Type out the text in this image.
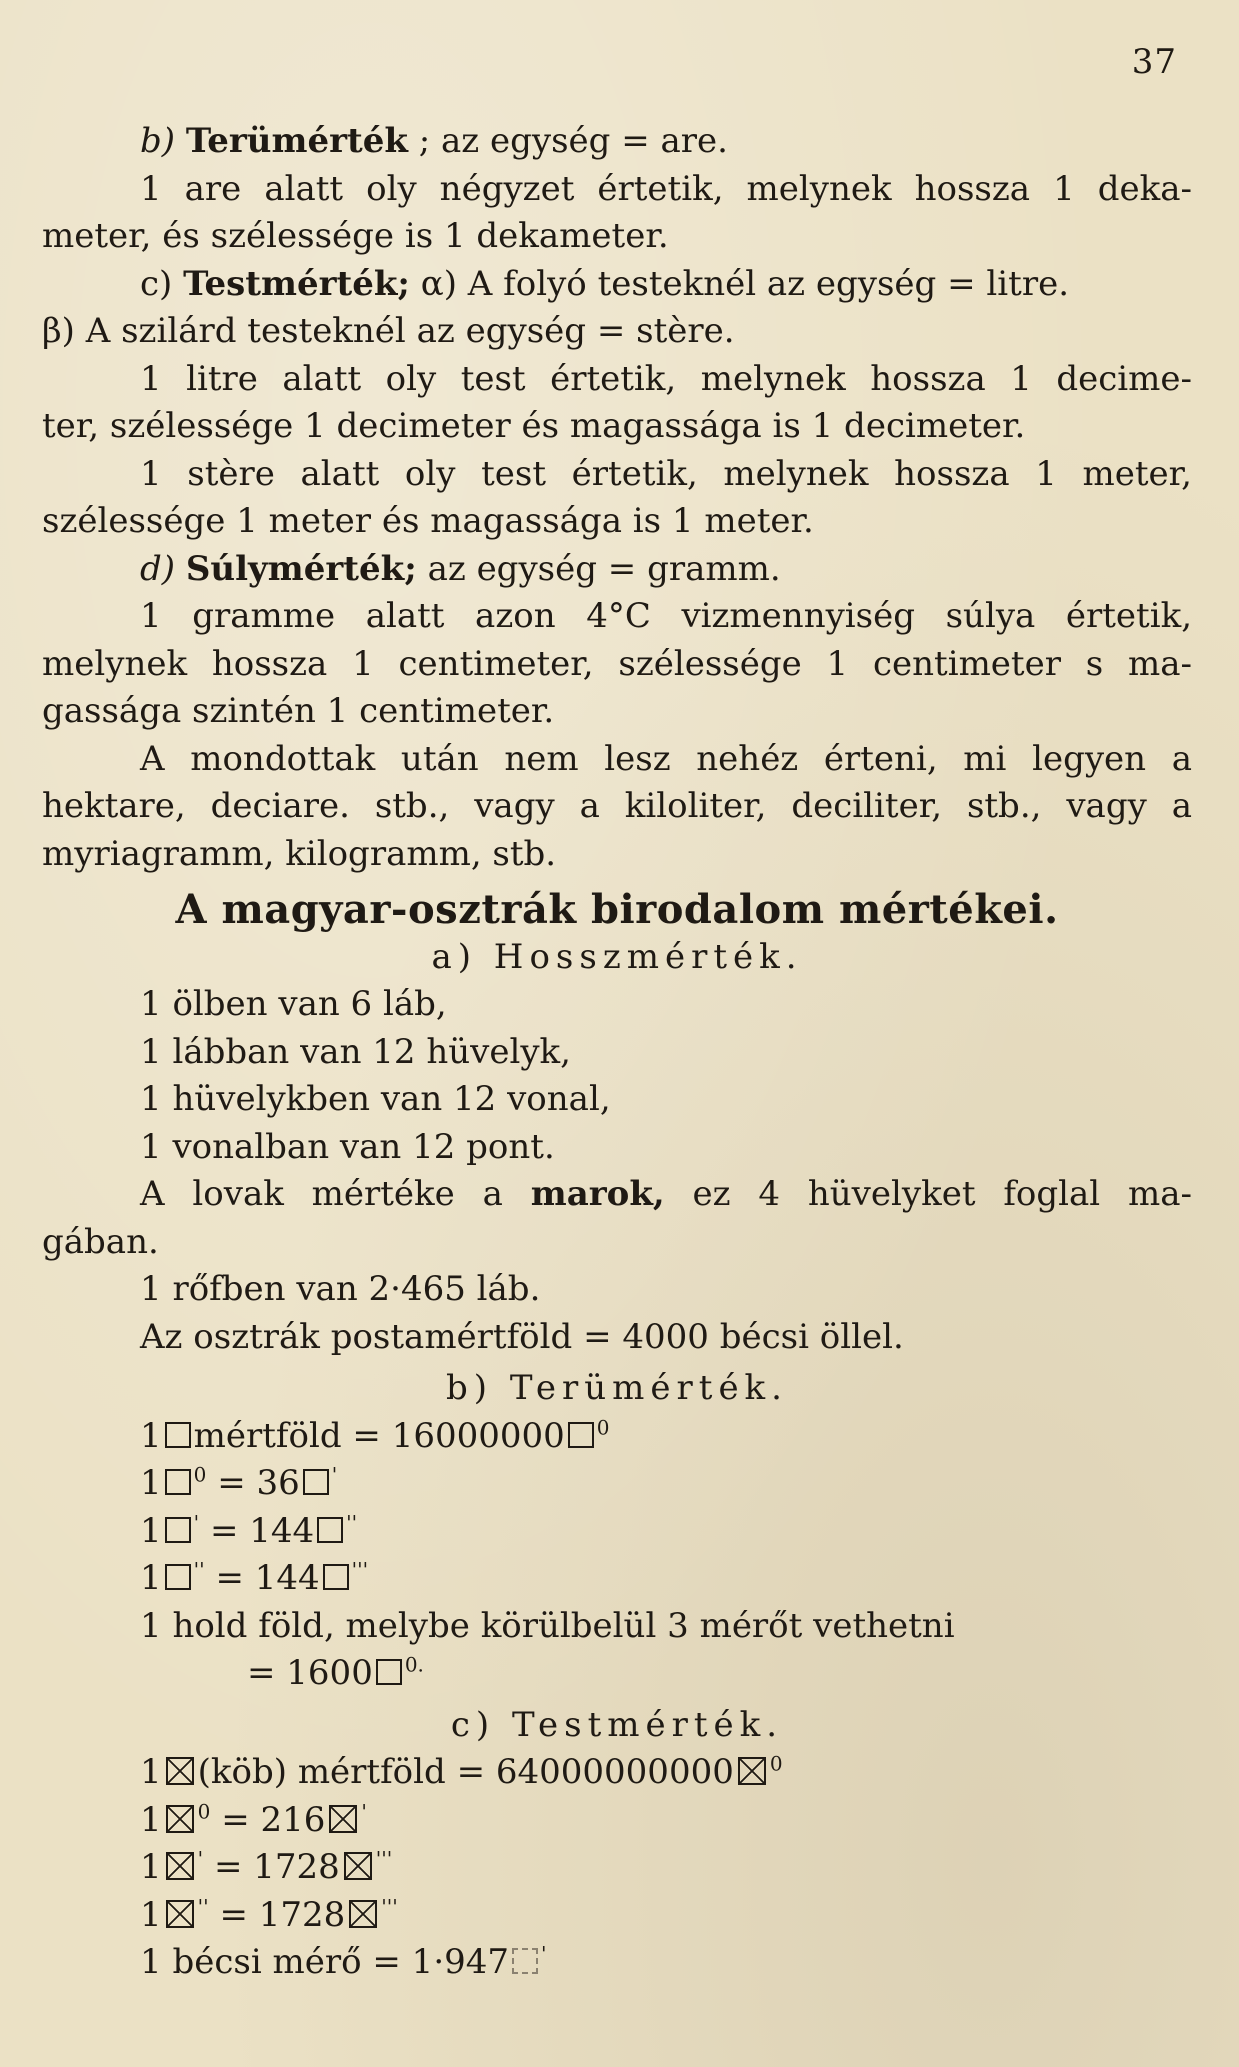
37
b) Terümérték ; az egység = are.
1 are alatt oly négyzet értetik, melynek hossza 1 deka-
meter, és szélessége is 1 dekameter.
c) Testmérték; α) A folyó testeknél az egység = litre.
β) A szilárd testeknél az egység = stère.
1 litre alatt oly test értetik, melynek hossza 1 decime-
ter, szélessége 1 decimeter és magassága is 1 decimeter.
1 stère alatt oly test értetik, melynek hossza 1 meter,
szélessége 1 meter és magassága is 1 meter.
d) Súlymérték; az egység = gramm.
1 gramme alatt azon 4°C vizmennyiség súlya értetik,
melynek hossza 1 centimeter, szélessége 1 centimeter s ma-
gassága szintén 1 centimeter.
A mondottak után nem lesz nehéz érteni, mi legyen a
hektare, deciare. stb., vagy a kiloliter, deciliter, stb., vagy a
myriagramm, kilogramm, stb.
A magyar-osztrák birodalom mértékei.
a) Hosszmérték.
1 ölben van 6 láb,
1 lábban van 12 hüvelyk,
1 hüvelykben van 12 vonal,
1 vonalban van 12 pont.
A lovak mértéke a marok, ez 4 hüvelyket foglal ma-
gában.
1 rőfben van 2·465 láb.
Az osztrák postamértföld = 4000 bécsi öllel.
b) Terümérték.
1 mértföld = 16000000 $^0$
1 $^0$ = 36 '
1 ' = 144 ''
1 '' = 144 '''
1 hold föld, melybe körülbelül 3 mérőt vethetni
= 1600 $^{0.}$
c) Testmérték.
1 (köb) mértföld = 64000000000 $^0$
1 $^0$ = 216 '
1 ' = 1728 '''
1 '' = 1728 '''
1 bécsi mérő = 1·947 '
